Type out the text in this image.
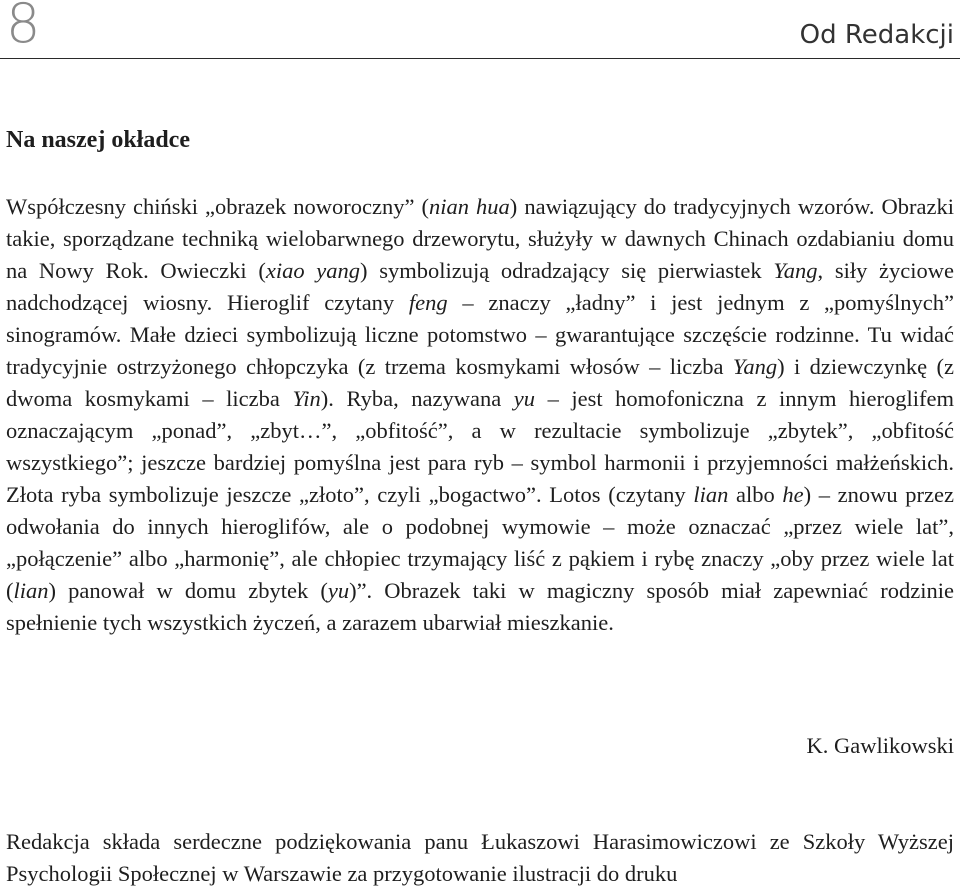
8	Od Redakcji
Na naszej okładce

Współczesny chiński „obrazek noworoczny” (nian hua) nawiązujący do tradycyjnych wzorów. Obrazki takie, sporządzane techniką wielobarwnego drzeworytu, służyły w dawnych Chinach ozdabianiu domu na Nowy Rok. Owieczki (xiao yang) symbolizują odradzający się pierwiastek Yang, siły życiowe nadchodzącej wiosny. Hieroglif czytany feng – znaczy „ładny” i jest jednym z „pomyślnych” sinogramów. Małe dzieci symbolizują liczne potomstwo – gwarantujące szczęście rodzinne. Tu widać tradycyjnie ostrzyżonego chłopczyka (z trzema kosmykami włosów – liczba Yang) i dziewczynkę (z dwoma kosmykami – liczba Yin). Ryba, nazywana yu – jest homofoniczna z innym hieroglifem oznaczającym „ponad”, „zbyt…”, „obfitość”, a w rezultacie symbolizuje „zbytek”, „obfitość wszystkiego”; jeszcze bardziej pomyślna jest para ryb – symbol harmonii i przyjemności małżeńskich. Złota ryba symbolizuje jeszcze „złoto”, czyli „bogactwo”. Lotos (czytany lian albo he) – znowu przez odwołania do innych hieroglifów, ale o podobnej wymowie – może oznaczać „przez wiele lat”, „połączenie” albo „harmonię”, ale chłopiec trzymający liść z pąkiem i rybę znaczy „oby przez wiele lat (lian) panował w domu zbytek (yu)”. Obrazek taki w magiczny sposób miał zapewniać rodzinie spełnienie tych wszystkich życzeń, a zarazem ubarwiał mieszkanie.

K. Gawlikowski

Redakcja składa serdeczne podziękowania panu Łukaszowi Harasimowiczowi ze Szkoły Wyższej Psychologii Społecznej w Warszawie za przygotowanie ilustracji do druku
